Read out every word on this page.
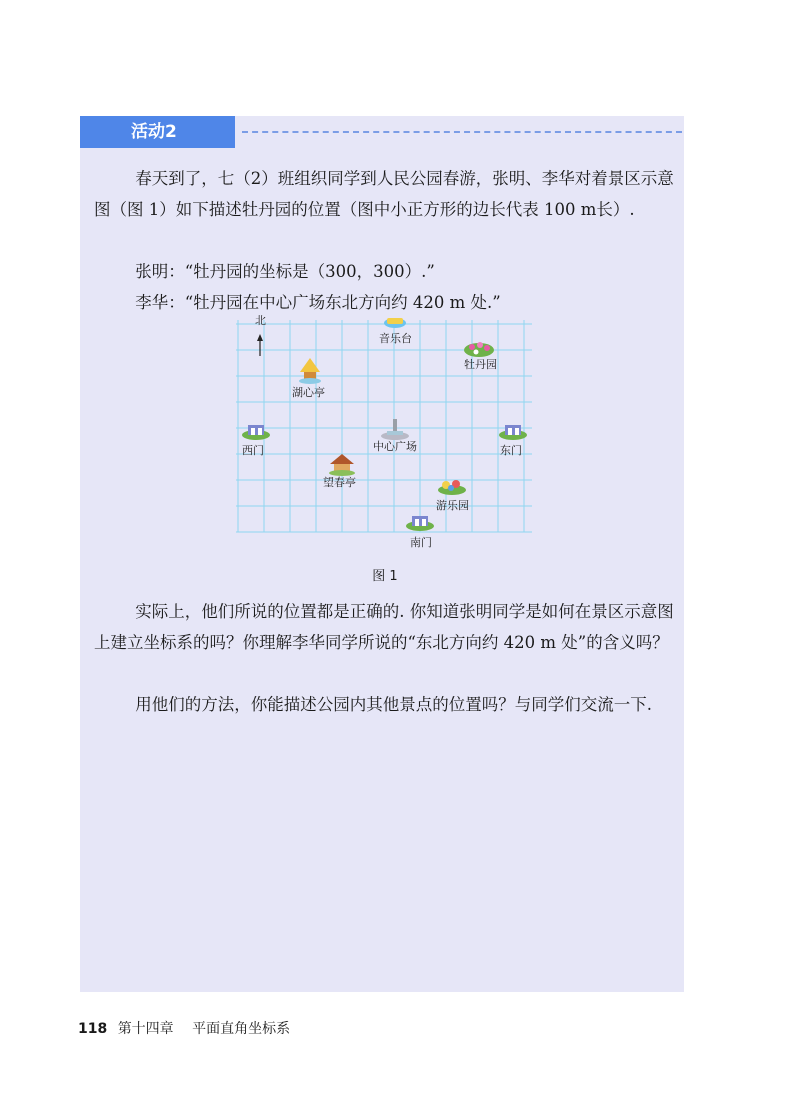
活动2

春天到了，七（2）班组织同学到人民公园春游，张明、李华对着景区示意图（图 1）如下描述牡丹园的位置（图中小正方形的边长代表 100 m长）.

张明：“牡丹园的坐标是（300，300）.”

李华：“牡丹园在中心广场东北方向约 420 m 处.”

北
音乐台
牡丹园
湖心亭
西门	中心广场	东门
望春亭
游乐园
南门
图 1

实际上，他们所说的位置都是正确的. 你知道张明同学是如何在景区示意图上建立坐标系的吗？你理解李华同学所说的“东北方向约 420 m 处”的含义吗？

用他们的方法，你能描述公园内其他景点的位置吗？与同学们交流一下.

118 第十四章 平面直角坐标系
